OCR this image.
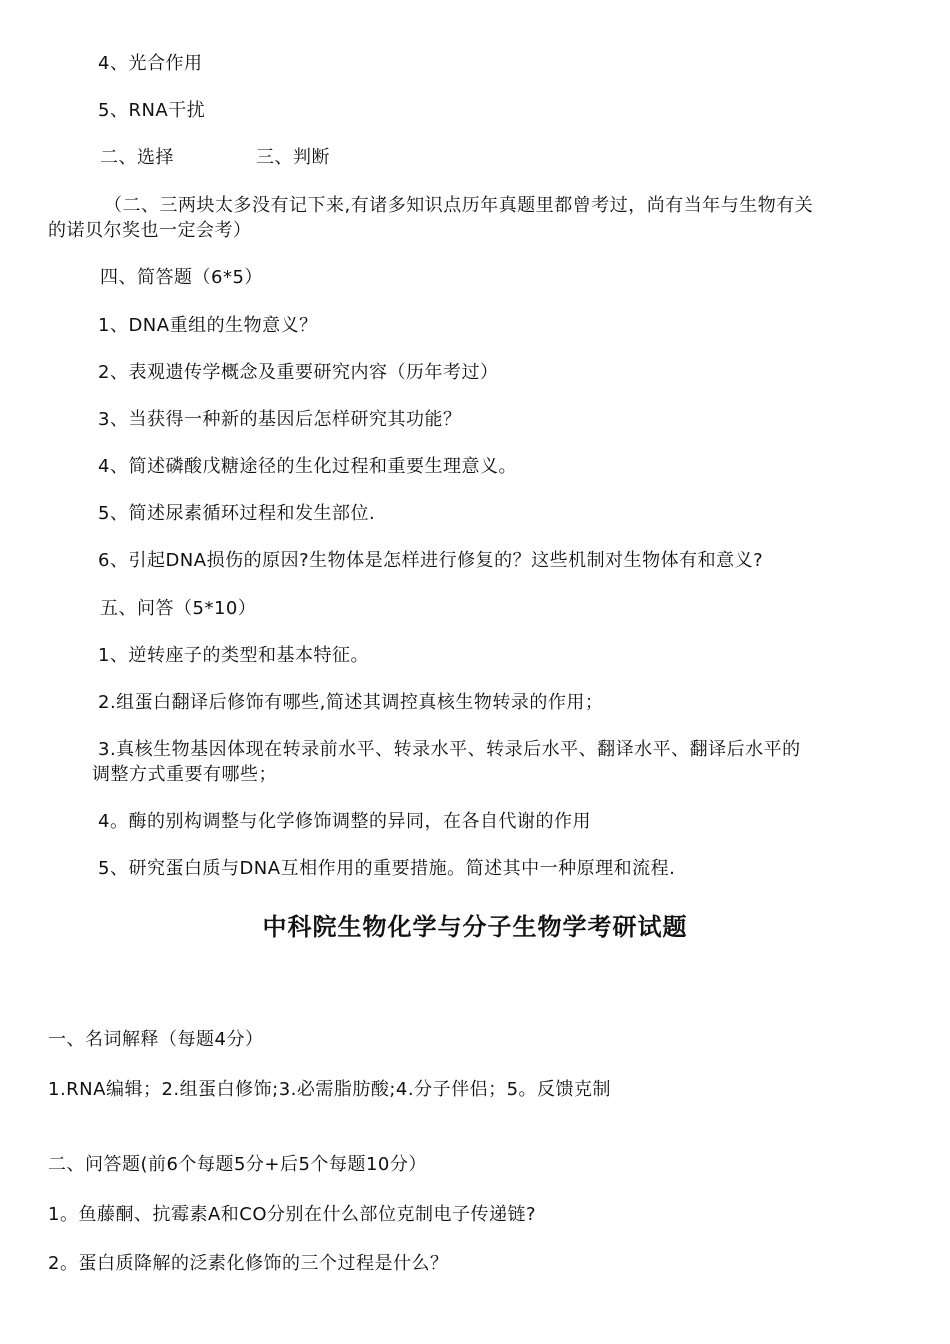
4、光合作用
5、RNA干扰
二、选择	三、判断
（二、三两块太多没有记下来,有诸多知识点历年真题里都曾考过，尚有当年与生物有关
的诺贝尔奖也一定会考）
四、简答题（6*5）
1、DNA重组的生物意义？
2、表观遗传学概念及重要研究内容（历年考过）
3、当获得一种新的基因后怎样研究其功能？
4、简述磷酸戊糖途径的生化过程和重要生理意义。
5、简述尿素循环过程和发生部位.
6、引起DNA损伤的原因?生物体是怎样进行修复的？这些机制对生物体有和意义?
五、问答（5*10）
1、逆转座子的类型和基本特征。
2.组蛋白翻译后修饰有哪些,简述其调控真核生物转录的作用；
3.真核生物基因体现在转录前水平、转录水平、转录后水平、翻译水平、翻译后水平的
调整方式重要有哪些；
4。酶的别构调整与化学修饰调整的异同，在各自代谢的作用
5、研究蛋白质与DNA互相作用的重要措施。简述其中一种原理和流程.
中科院生物化学与分子生物学考研试题
一、名词解释（每题4分）
1.RNA编辑；2.组蛋白修饰;3.必需脂肪酸;4.分子伴侣；5。反馈克制
二、问答题(前6个每题5分+后5个每题10分）
1。鱼藤酮、抗霉素A和CO分别在什么部位克制电子传递链?
2。蛋白质降解的泛素化修饰的三个过程是什么？
